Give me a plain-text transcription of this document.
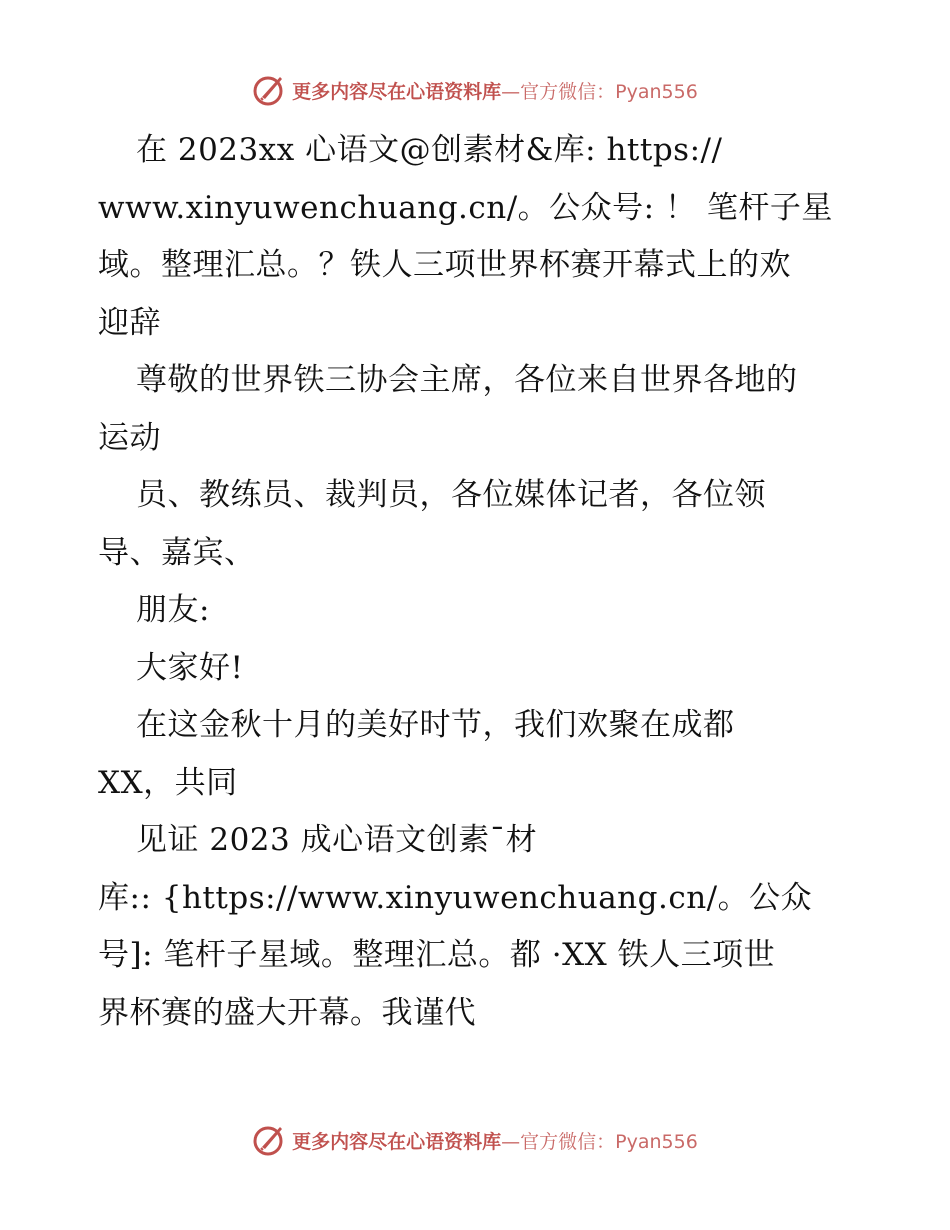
更多内容尽在心语资料库 —官方微信：Pyan556

在 2023xx 心语文@创素材&库: https://

www.xinyuwenchuang.cn/。公众号: ！ 笔杆子星

域。整理汇总。？铁人三项世界杯赛开幕式上的欢

迎辞

尊敬的世界铁三协会主席，各位来自世界各地的

运动

员、教练员、裁判员，各位媒体记者，各位领

导、嘉宾、

朋友:

大家好!

在这金秋十月的美好时节，我们欢聚在成都

XX，共同

见证 2023 成心语文创素¯材

库:: {https://www.xinyuwenchuang.cn/。公众

号]: 笔杆子星域。整理汇总。都 ·XX 铁人三项世

界杯赛的盛大开幕。我谨代

更多内容尽在心语资料库 —官方微信：Pyan556
